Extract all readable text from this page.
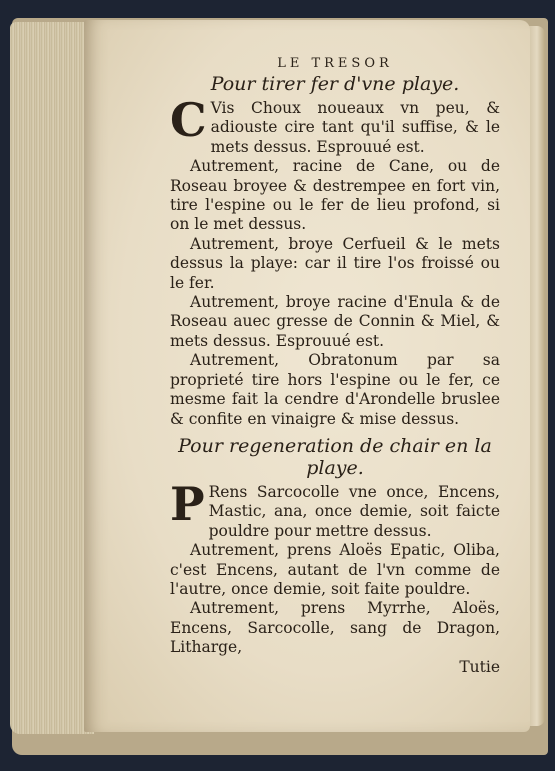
LE TRESOR

Pour tirer fer d'vne playe.

C Vis Choux noueaux vn peu, & adiouste cire tant qu'il suffise, & le mets dessus. Esprouué est.

Autrement, racine de Cane, ou de Roseau broyee & destrempee en fort vin, tire l'espine ou le fer de lieu profond, si on le met dessus.

Autrement, broye Cerfueil & le mets dessus la playe: car il tire l'os froissé ou le fer.

Autrement, broye racine d'Enula & de Roseau auec gresse de Connin & Miel, & mets dessus. Esprouué est.

Autrement, Obratonum par sa proprieté tire hors l'espine ou le fer, ce mesme fait la cendre d'Arondelle bruslee & confite en vinaigre & mise dessus.

Pour regeneration de chair en la playe.

P Rens Sarcocolle vne once, Encens, Mastic, ana, once demie, soit faicte pouldre pour mettre dessus.

Autrement, prens Aloës Epatic, Oliba, c'est Encens, autant de l'vn comme de l'autre, once demie, soit faite pouldre.

Autrement, prens Myrrhe, Aloës, Encens, Sarcocolle, sang de Dragon, Litharge,

Tutie
